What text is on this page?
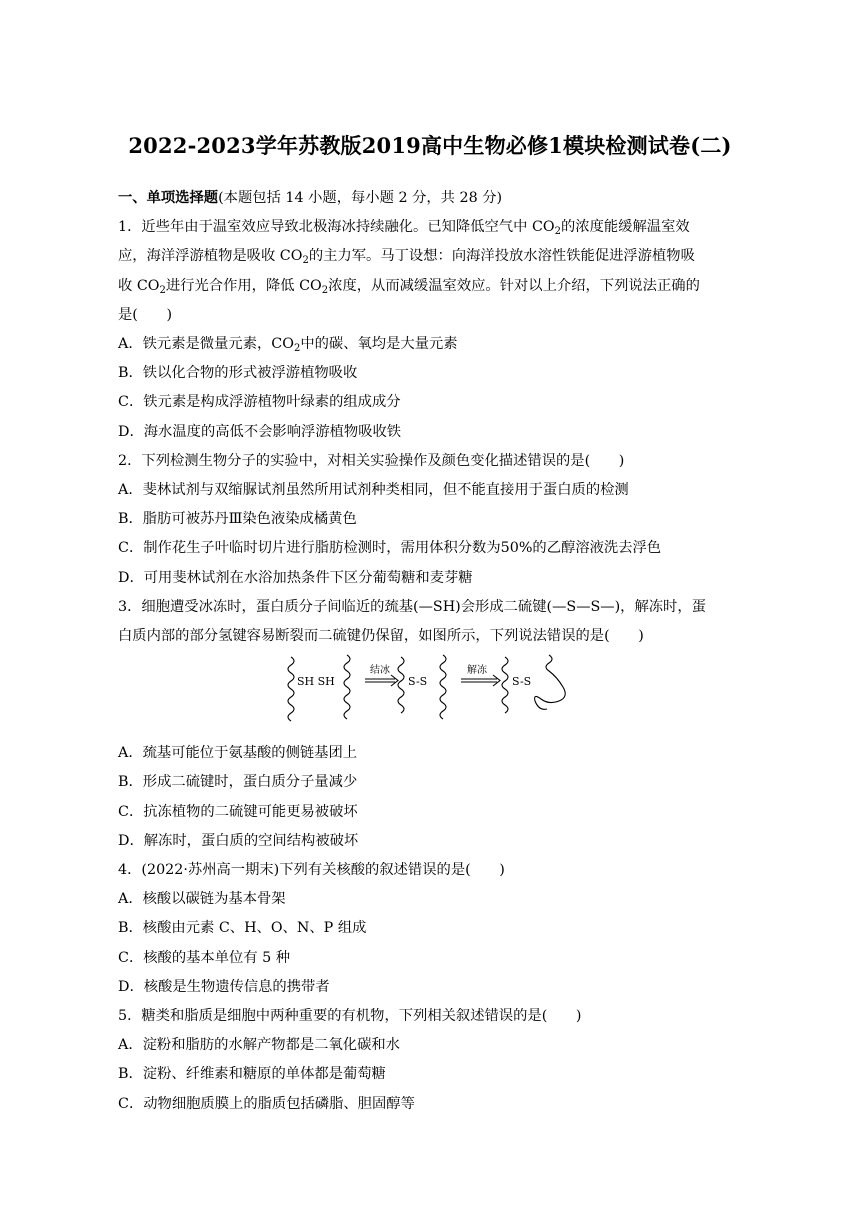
2022-2023学年苏教版2019高中生物必修1模块检测试卷(二)

一、单项选择题(本题包括 14 小题，每小题 2 分，共 28 分)

1．近些年由于温室效应导致北极海冰持续融化。已知降低空气中 $CO_2$的浓度能缓解温室效

应，海洋浮游植物是吸收 $CO_2$的主力军。马丁设想：向海洋投放水溶性铁能促进浮游植物吸

收 $CO_2$进行光合作用，降低 $CO_2$浓度，从而减缓温室效应。针对以上介绍，下列说法正确的

是(　　)

A．铁元素是微量元素，$CO_2$中的碳、氧均是大量元素

B．铁以化合物的形式被浮游植物吸收

C．铁元素是构成浮游植物叶绿素的组成成分

D．海水温度的高低不会影响浮游植物吸收铁

2．下列检测生物分子的实验中，对相关实验操作及颜色变化描述错误的是(　　)

A．斐林试剂与双缩脲试剂虽然所用试剂种类相同，但不能直接用于蛋白质的检测

B．脂肪可被苏丹Ⅲ染色液染成橘黄色

C．制作花生子叶临时切片进行脂肪检测时，需用体积分数为50%的乙醇溶液洗去浮色

D．可用斐林试剂在水浴加热条件下区分葡萄糖和麦芽糖

3．细胞遭受冰冻时，蛋白质分子间临近的巯基(—SH)会形成二硫键(—S—S—)，解冻时，蛋

白质内部的部分氢键容易断裂而二硫键仍保留，如图所示，下列说法错误的是(　　)

SH SH
结冰
S-S
解冻
S-S

A．巯基可能位于氨基酸的侧链基团上

B．形成二硫键时，蛋白质分子量减少

C．抗冻植物的二硫键可能更易被破坏

D．解冻时，蛋白质的空间结构被破坏

4．(2022·苏州高一期末)下列有关核酸的叙述错误的是(　　)

A．核酸以碳链为基本骨架

B．核酸由元素 C、H、O、N、P 组成

C．核酸的基本单位有 5 种

D．核酸是生物遗传信息的携带者

5．糖类和脂质是细胞中两种重要的有机物，下列相关叙述错误的是(　　)

A．淀粉和脂肪的水解产物都是二氧化碳和水

B．淀粉、纤维素和糖原的单体都是葡萄糖

C．动物细胞质膜上的脂质包括磷脂、胆固醇等
